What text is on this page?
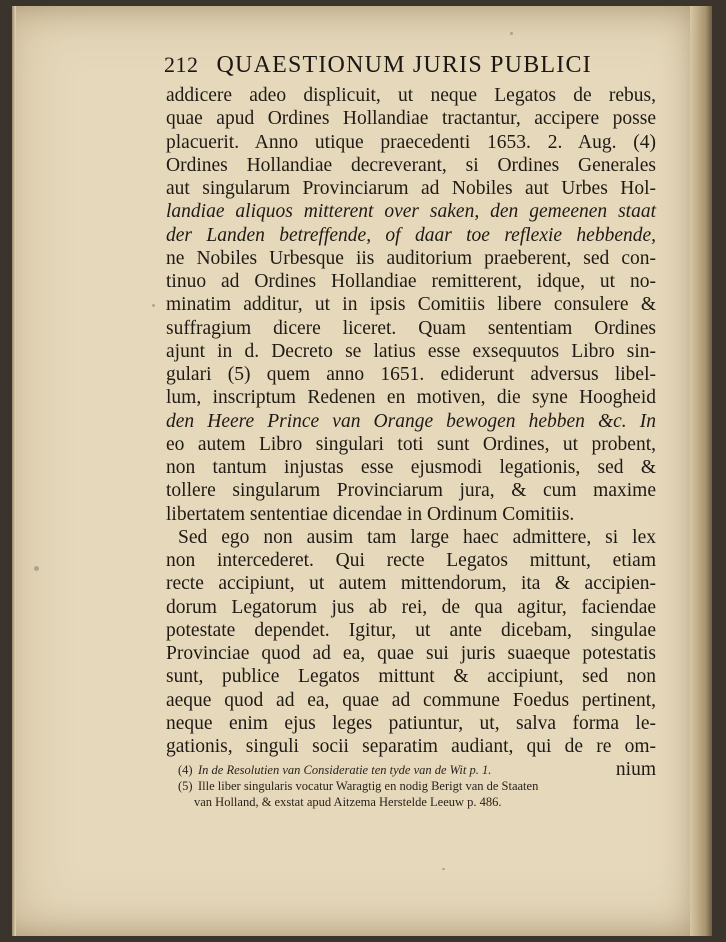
212 QUAESTIONUM JURIS PUBLICI
addicere adeo displicuit, ut neque Legatos de rebus,
quae apud Ordines Hollandiae tractantur, accipere posse
placuerit. Anno utique praecedenti 1653. 2. Aug. (4)
Ordines Hollandiae decreverant, si Ordines Generales
aut singularum Provinciarum ad Nobiles aut Urbes Hol-
landiae aliquos mitterent over saken, den gemeenen staat
der Landen betreffende, of daar toe reflexie hebbende,
ne Nobiles Urbesque iis auditorium praeberent, sed con-
tinuo ad Ordines Hollandiae remitterent, idque, ut no-
minatim additur, ut in ipsis Comitiis libere consulere &
suffragium dicere liceret. Quam sententiam Ordines
ajunt in d. Decreto se latius esse exsequutos Libro sin-
gulari (5) quem anno 1651. ediderunt adversus libel-
lum, inscriptum Redenen en motiven, die syne Hoogheid
den Heere Prince van Orange bewogen hebben &c. In
eo autem Libro singulari toti sunt Ordines, ut probent,
non tantum injustas esse ejusmodi legationis, sed &
tollere singularum Provinciarum jura, & cum maxime
libertatem sententiae dicendae in Ordinum Comitiis.
Sed ego non ausim tam large haec admittere, si lex
non intercederet. Qui recte Legatos mittunt, etiam
recte accipiunt, ut autem mittendorum, ita & accipien-
dorum Legatorum jus ab rei, de qua agitur, faciendae
potestate dependet. Igitur, ut ante dicebam, singulae
Provinciae quod ad ea, quae sui juris suaeque potestatis
sunt, publice Legatos mittunt & accipiunt, sed non
aeque quod ad ea, quae ad commune Foedus pertinent,
neque enim ejus leges patiuntur, ut, salva forma le-
gationis, singuli socii separatim audiant, qui de re om-
nium
(4) In de Resolutien van Consideratie ten tyde van de Wit p. 1.
(5) Ille liber singularis vocatur Waragtig en nodig Berigt van de Staaten
van Holland, & exstat apud Aitzema Herstelde Leeuw p. 486.
